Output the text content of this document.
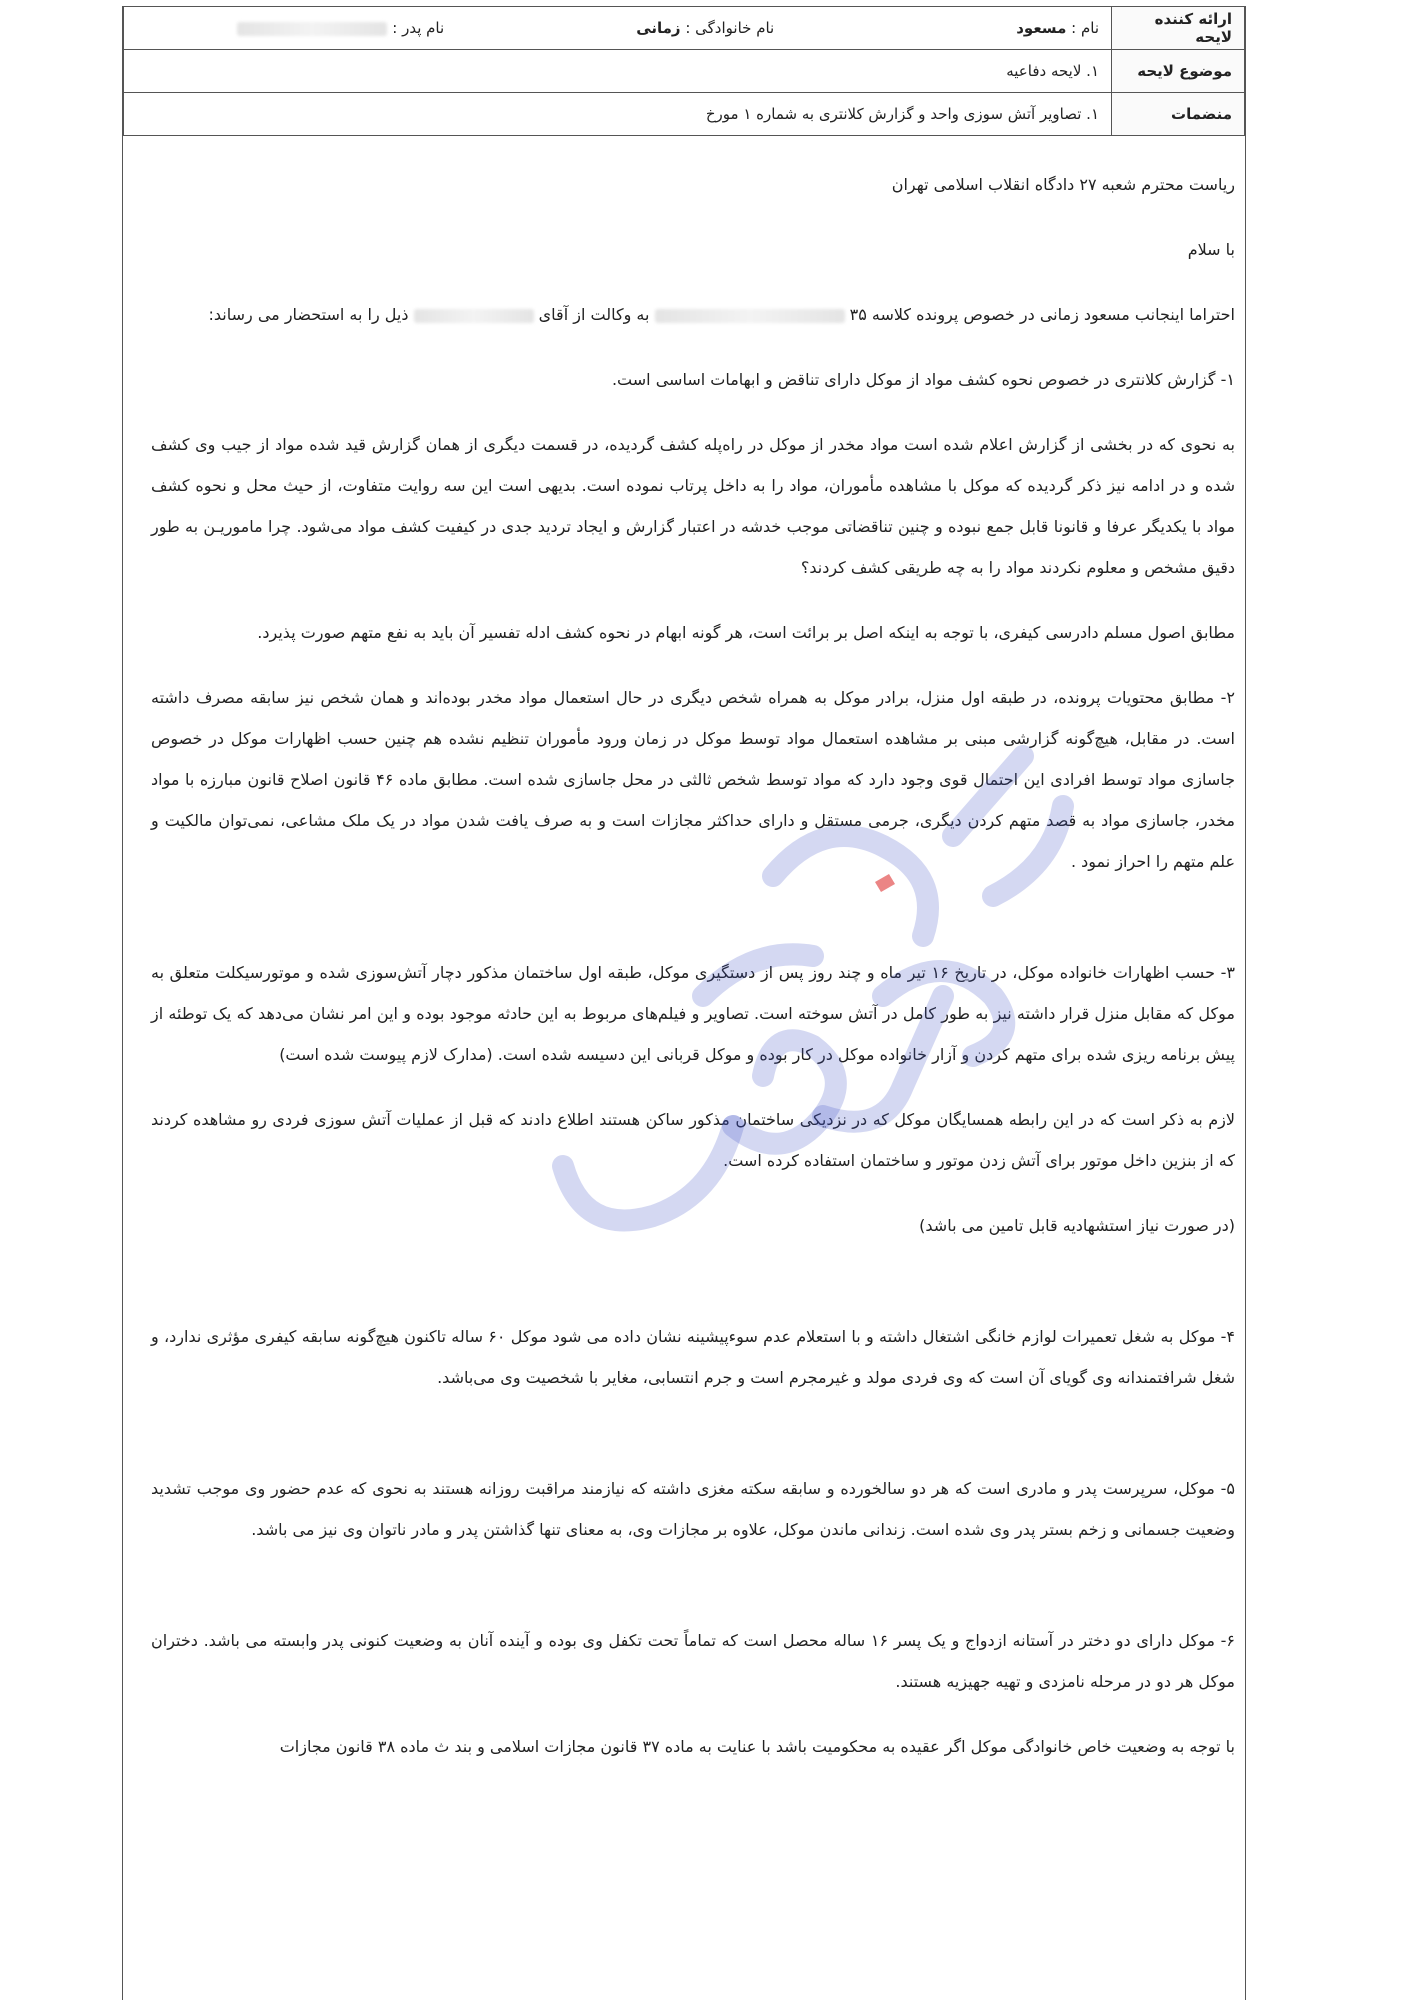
ارائه کننده لایحه	نام : مسعود
نام خانوادگی : زمانی
نام پدر :

موضوع لایحه	۱. لایحه دفاعیه
منضمات	۱. تصاویر آتش سوزی واحد و گزارش کلانتری به شماره ۱ مورخ

ریاست محترم شعبه ۲۷ دادگاه انقلاب اسلامی تهران

با سلام

احتراما اینجانب مسعود زمانی در خصوص پرونده کلاسه ۳۵  به وکالت از آقای  ذیل را به استحضار می رساند:

۱- گزارش کلانتری در خصوص نحوه کشف مواد از موکل دارای تناقض و ابهامات اساسی است.

به نحوی که در بخشی از گزارش اعلام شده است مواد مخدر از موکل در راه‌پله کشف گردیده، در قسمت دیگری از همان گزارش قید شده مواد از جیب وی کشف شده و در ادامه نیز ذکر گردیده که موکل با مشاهده مأموران، مواد را به داخل پرتاب نموده است. بدیهی است این سه روایت متفاوت، از حیث محل و نحوه کشف مواد با یکدیگر عرفا و قانونا قابل جمع نبوده و چنین تناقضاتی موجب خدشه در اعتبار گزارش و ایجاد تردید جدی در کیفیت کشف مواد می‌شود. چرا ماموریـن به طور دقیق مشخص و معلوم نکردند مواد را به چه طریقی کشف کردند؟

مطابق اصول مسلم دادرسی کیفری، با توجه به اینکه اصل بر برائت است، هر گونه ابهام در نحوه کشف ادله تفسیر آن باید به نفع متهم صورت پذیرد.

۲- مطابق محتویات پرونده، در طبقه اول منزل، برادر موکل به همراه شخص دیگری در حال استعمال مواد مخدر بوده‌اند و همان شخص نیز سابقه مصرف داشته است. در مقابل، هیچ‌گونه گزارشی مبنی بر مشاهده استعمال مواد توسط موکل در زمان ورود مأموران تنظیم نشده هم چنین حسب اظهارات موکل در خصوص جاسازی مواد توسط افرادی این احتمال قوی وجود دارد که مواد توسط شخص ثالثی در محل جاسازی شده است. مطابق ماده ۴۶ قانون اصلاح قانون مبارزه با مواد مخدر، جاسازی مواد به قصد متهم کردن دیگری، جرمی مستقل و دارای حداکثر مجازات است و به صرف یافت شدن مواد در یک ملک مشاعی، نمی‌توان مالکیت و علم متهم را احراز نمود .

۳- حسب اظهارات خانواده موکل، در تاریخ ۱۶ تیر ماه و چند روز پس از دستگیری موکل، طبقه اول ساختمان مذکور دچار آتش‌سوزی شده و موتورسیکلت متعلق به موکل که مقابل منزل قرار داشته نیز به طور کامل در آتش سوخته است. تصاویر و فیلم‌های مربوط به این حادثه موجود بوده و این امر نشان می‌دهد که یک توطئه از پیش برنامه ریزی شده برای متهم کردن و آزار خانواده موکل در کار بوده و موکل قربانی این دسیسه شده است. (مدارک لازم پیوست شده است)

لازم به ذکر است که در این رابطه همسایگان موکل که در نزدیکی ساختمان مذکور ساکن هستند اطلاع دادند که قبل از عملیات آتش سوزی فردی رو مشاهده کردند که از بنزین داخل موتور برای آتش زدن موتور و ساختمان استفاده کرده است.

(در صورت نیاز استشهادیه قابل تامین می باشد)

۴- موکل به شغل تعمیرات لوازم خانگی اشتغال داشته و با استعلام عدم سوءپیشینه نشان داده می شود موکل ۶۰ ساله تاکنون هیچ‌گونه سابقه کیفری مؤثری ندارد، و شغل شرافتمندانه وی گویای آن است که وی فردی مولد و غیرمجرم است و جرم انتسابی، مغایر با شخصیت وی می‌باشد.

۵- موکل، سرپرست پدر و مادری است که هر دو سالخورده و سابقه سکته مغزی داشته که نیازمند مراقبت روزانه هستند به نحوی که عدم حضور وی موجب تشدید وضعیت جسمانی و زخم بستر پدر وی شده است. زندانی ماندن موکل، علاوه بر مجازات وی، به معنای تنها گذاشتن پدر و مادر ناتوان وی نیز می باشد.

۶- موکل دارای دو دختر در آستانه ازدواج و یک پسر ۱۶ ساله محصل است که تماماً تحت تکفل وی بوده و آینده آنان به وضعیت کنونی پدر وابسته می باشد. دختران موکل هر دو در مرحله نامزدی و تهیه جهیزیه هستند.

با توجه به وضعیت خاص خانوادگی موکل اگر عقیده به محکومیت باشد با عنایت به ماده ۳۷ قانون مجازات اسلامی و بند ث ماده ۳۸ قانون مجازات
